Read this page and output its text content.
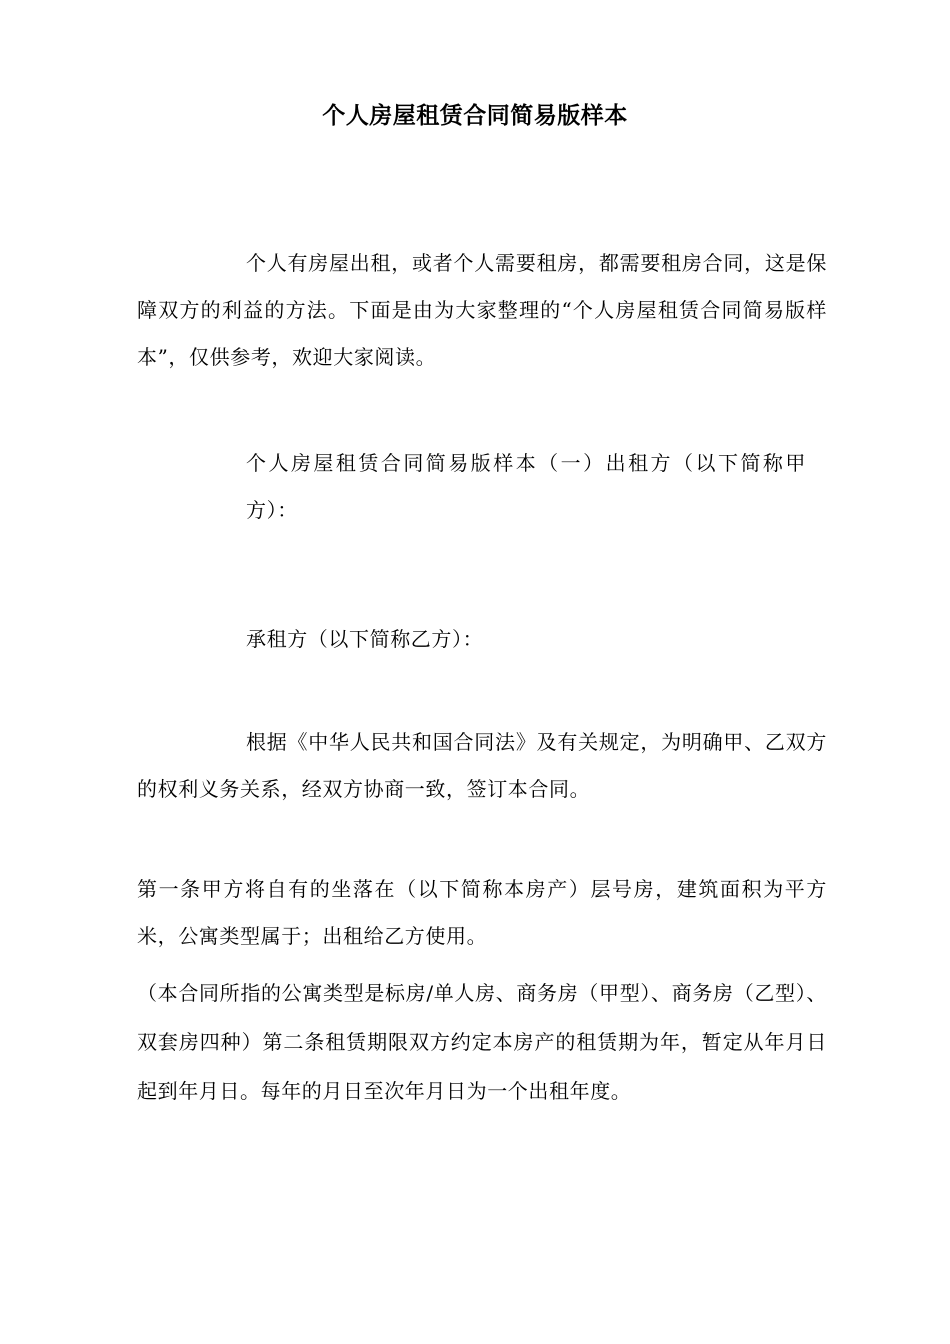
个人房屋租赁合同简易版样本

个人有房屋出租，或者个人需要租房，都需要租房合同，这是保障双方的利益的方法。下面是由为大家整理的“个人房屋租赁合同简易版样本”，仅供参考，欢迎大家阅读。

个人房屋租赁合同简易版样本（一）出租方（以下简称甲方）：

承租方（以下简称乙方）：

根据《中华人民共和国合同法》及有关规定，为明确甲、乙双方的权利义务关系，经双方协商一致，签订本合同。

第一条甲方将自有的坐落在（以下简称本房产）层号房，建筑面积为平方米，公寓类型属于；出租给乙方使用。

（本合同所指的公寓类型是标房/单人房、商务房（甲型）、商务房（乙型）、双套房四种）第二条租赁期限双方约定本房产的租赁期为年，暂定从年月日起到年月日。每年的月日至次年月日为一个出租年度。
